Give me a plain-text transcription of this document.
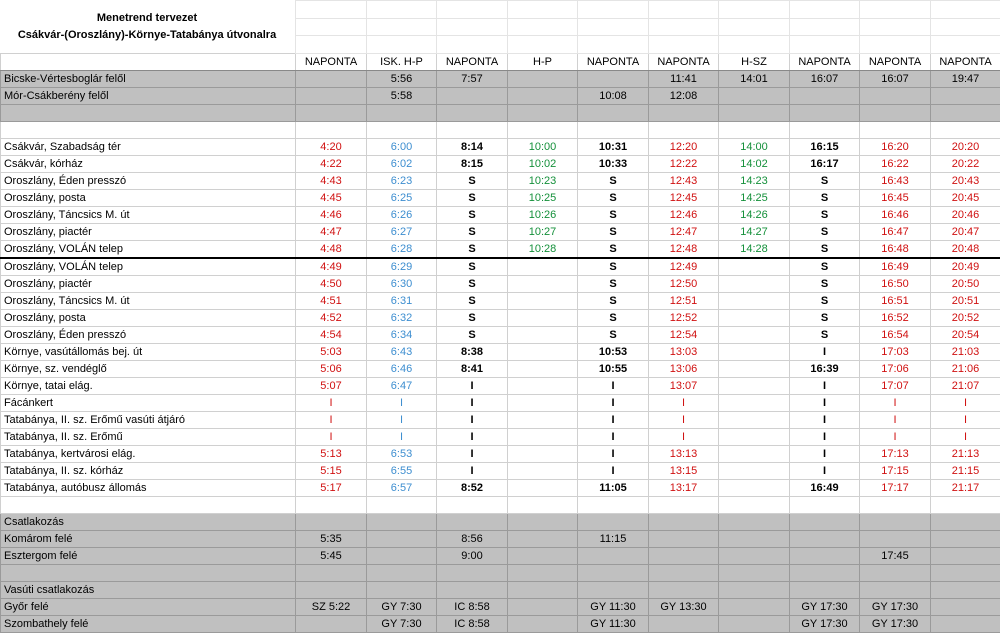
	NAPONTA	ISK. H-P	NAPONTA	H-P	NAPONTA	NAPONTA	H-SZ	NAPONTA	NAPONTA	NAPONTA
Bicske-Vértesboglár felől		5:56	7:57			11:41	14:01	16:07	16:07	19:47
Mór-Csákberény felől		5:58			10:08	12:08				

Csákvár, Szabadság tér	4:20	6:00	8:14	10:00	10:31	12:20	14:00	16:15	16:20	20:20
Csákvár, kórház	4:22	6:02	8:15	10:02	10:33	12:22	14:02	16:17	16:22	20:22
Oroszlány, Éden presszó	4:43	6:23	S	10:23	S	12:43	14:23	S	16:43	20:43
Oroszlány, posta	4:45	6:25	S	10:25	S	12:45	14:25	S	16:45	20:45
Oroszlány, Táncsics M. út	4:46	6:26	S	10:26	S	12:46	14:26	S	16:46	20:46
Oroszlány, piactér	4:47	6:27	S	10:27	S	12:47	14:27	S	16:47	20:47
Oroszlány, VOLÁN telep	4:48	6:28	S	10:28	S	12:48	14:28	S	16:48	20:48
Oroszlány, VOLÁN telep	4:49	6:29	S		S	12:49		S	16:49	20:49
Oroszlány, piactér	4:50	6:30	S		S	12:50		S	16:50	20:50
Oroszlány, Táncsics M. út	4:51	6:31	S		S	12:51		S	16:51	20:51
Oroszlány, posta	4:52	6:32	S		S	12:52		S	16:52	20:52
Oroszlány, Éden presszó	4:54	6:34	S		S	12:54		S	16:54	20:54
Környe, vasútállomás bej. út	5:03	6:43	8:38		10:53	13:03		I	17:03	21:03
Környe, sz. vendéglő	5:06	6:46	8:41		10:55	13:06		16:39	17:06	21:06
Környe, tatai elág.	5:07	6:47	I		I	13:07		I	17:07	21:07
Fácánkert	I	I	I		I	I		I	I	I
Tatabánya, II. sz. Erőmű vasúti átjáró	I	I	I		I	I		I	I	I
Tatabánya, II. sz. Erőmű	I	I	I		I	I		I	I	I
Tatabánya, kertvárosi elág.	5:13	6:53	I		I	13:13		I	17:13	21:13
Tatabánya, II. sz. kórház	5:15	6:55	I		I	13:15		I	17:15	21:15
Tatabánya, autóbusz állomás	5:17	6:57	8:52		11:05	13:17		16:49	17:17	21:17

Csatlakozás										
Komárom felé	5:35		8:56		11:15					
Esztergom felé	5:45		9:00						17:45	

Vasúti csatlakozás										
Győr felé	SZ 5:22	GY 7:30	IC 8:58		GY 11:30	GY 13:30		GY 17:30	GY 17:30	
Szombathely felé		GY 7:30	IC 8:58		GY 11:30			GY 17:30	GY 17:30	
Menetrend tervezet
Csákvár-(Oroszlány)-Környe-Tatabánya útvonalra
